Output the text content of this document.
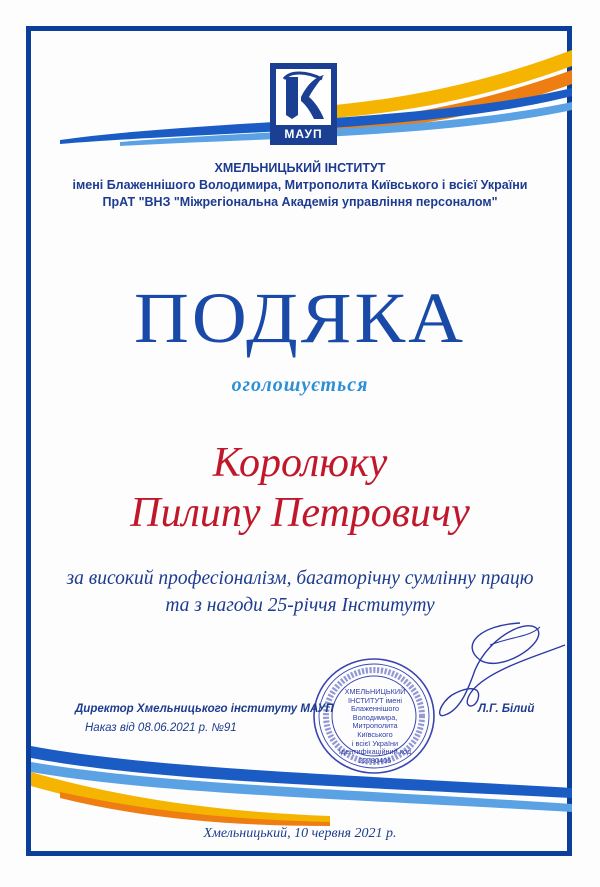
МАУП
ХМЕЛЬНИЦЬКИЙ ІНСТИТУТ
імені Блаженнішого Володимира, Митрополита Київського і всієї України
ПрАТ "ВНЗ "Міжрегіональна Академія управління персоналом"
ПОДЯКА
оголошується
Королюку
Пилипу Петровичу
за високий професіоналізм, багаторічну сумлінну працю
та з нагоди 25-річчя Інституту
ХМЕЛЬНИЦЬКИЙ
ІНСТИТУТ імені
Блаженнішого Володимира,
Митрополита Київського
і всієї України
Ідентифікаційний код
22780406
Директор Хмельницького інституту МАУП
Наказ від 08.06.2021 р. №91
Л.Г. Білий
Хмельницький, 10 червня 2021 р.
